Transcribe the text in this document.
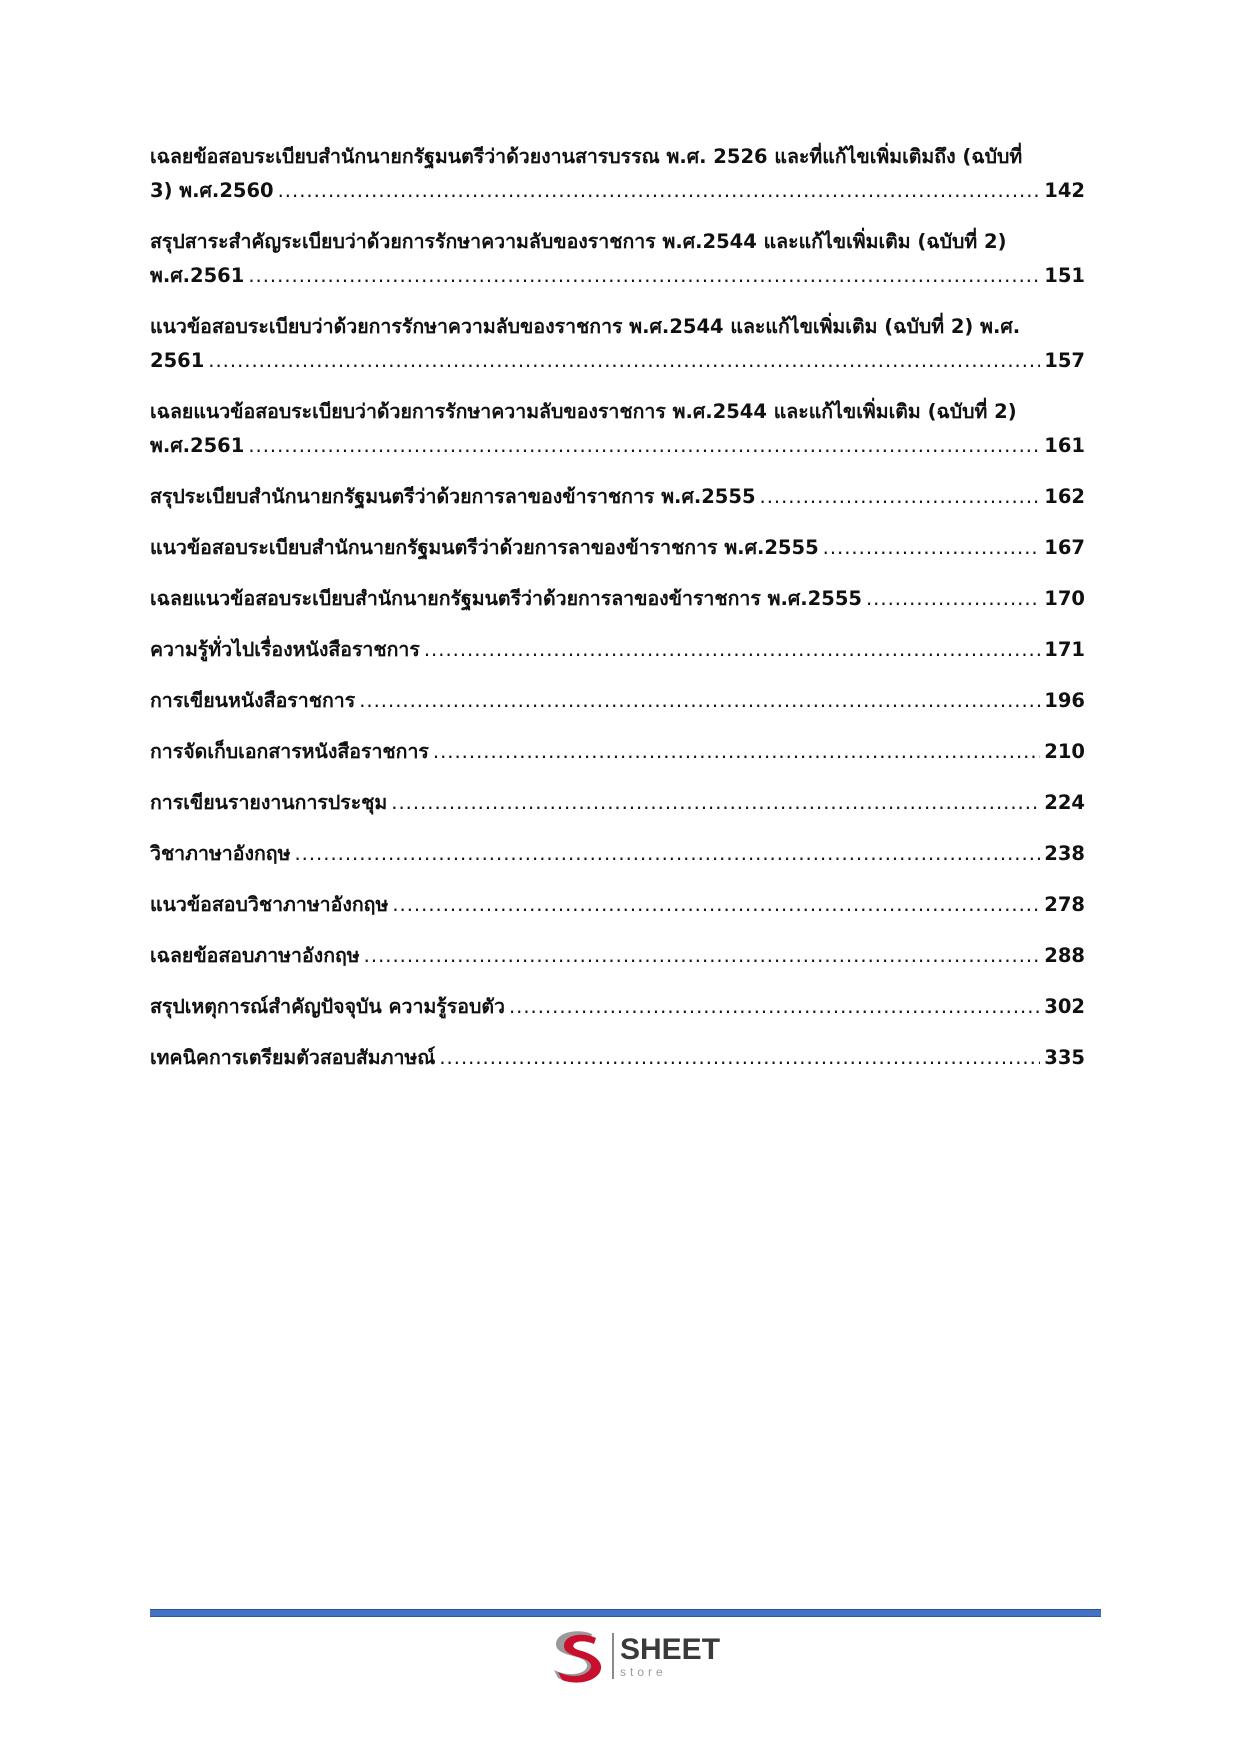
เฉลยข้อสอบระเบียบสำนักนายกรัฐมนตรีว่าด้วยงานสารบรรณ พ.ศ. 2526 และที่แก้ไขเพิ่มเติมถึง (ฉบับที่
3) พ.ศ.2560 .....	142
สรุปสาระสำคัญระเบียบว่าด้วยการรักษาความลับของราชการ พ.ศ.2544 และแก้ไขเพิ่มเติม (ฉบับที่ 2)
พ.ศ.2561 .....	151
แนวข้อสอบระเบียบว่าด้วยการรักษาความลับของราชการ พ.ศ.2544 และแก้ไขเพิ่มเติม (ฉบับที่ 2) พ.ศ.
2561 .....	157
เฉลยแนวข้อสอบระเบียบว่าด้วยการรักษาความลับของราชการ พ.ศ.2544 และแก้ไขเพิ่มเติม (ฉบับที่ 2)
พ.ศ.2561 .....	161
สรุประเบียบสำนักนายกรัฐมนตรีว่าด้วยการลาของข้าราชการ พ.ศ.2555 .....	162
แนวข้อสอบระเบียบสำนักนายกรัฐมนตรีว่าด้วยการลาของข้าราชการ พ.ศ.2555 .....	167
เฉลยแนวข้อสอบระเบียบสำนักนายกรัฐมนตรีว่าด้วยการลาของข้าราชการ พ.ศ.2555 .....	170
ความรู้ทั่วไปเรื่องหนังสือราชการ .....	171
การเขียนหนังสือราชการ .....	196
การจัดเก็บเอกสารหนังสือราชการ .....	210
การเขียนรายงานการประชุม .....	224
วิชาภาษาอังกฤษ .....	238
แนวข้อสอบวิชาภาษาอังกฤษ .....	278
เฉลยข้อสอบภาษาอังกฤษ .....	288
สรุปเหตุการณ์สำคัญปัจจุบัน ความรู้รอบตัว .....	302
เทคนิคการเตรียมตัวสอบสัมภาษณ์ .....	335
SHEET
store
